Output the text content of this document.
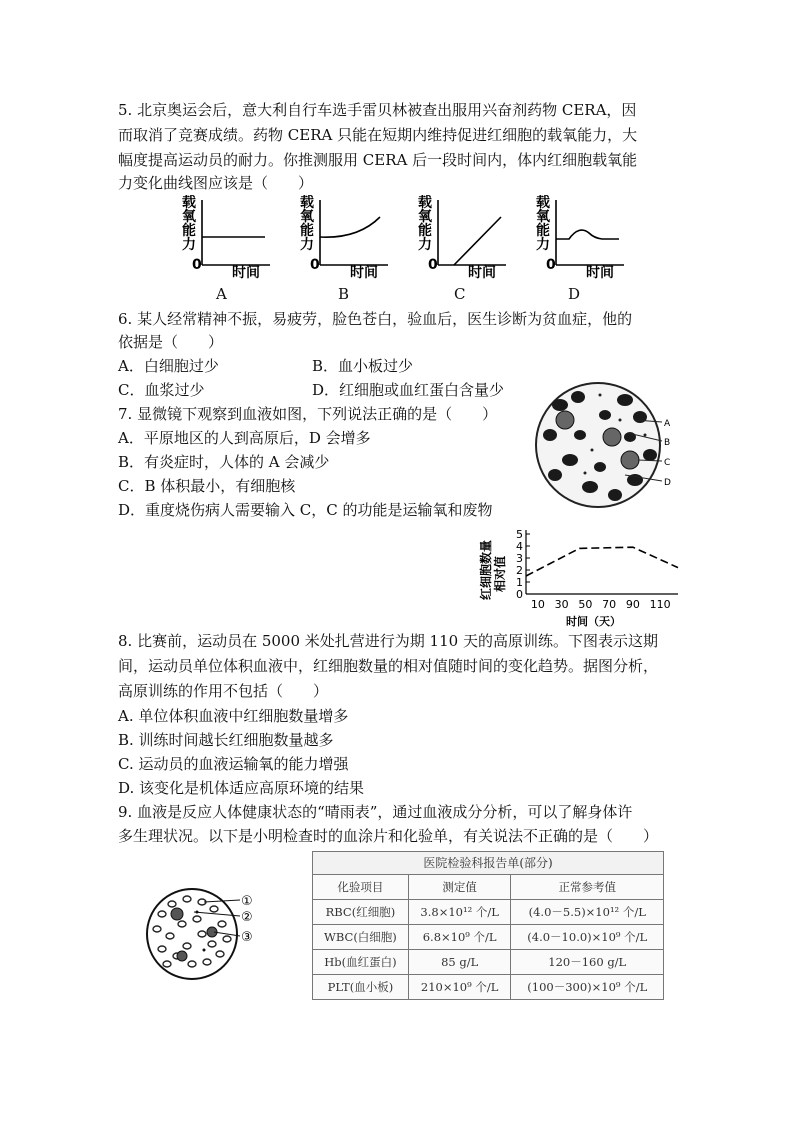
5. 北京奥运会后，意大利自行车选手雷贝林被查出服用兴奋剂药物 CERA，因
而取消了竞赛成绩。药物 CERA 只能在短期内维持促进红细胞的载氧能力，大
幅度提高运动员的耐力。你推测服用 CERA 后一段时间内，体内红细胞载氧能
力变化曲线图应该是（　　）
载氧能力
0 时间
载氧能力
0 时间
载氧能力
0 时间
载氧能力
0 时间
A	B	C	D
6. 某人经常精神不振，易疲劳，脸色苍白，验血后，医生诊断为贫血症，他的
依据是（　　）
A．白细胞过少	B．血小板过少
C．血浆过少	D．红细胞或血红蛋白含量少
7. 显微镜下观察到血液如图，下列说法正确的是（　　）
A．平原地区的人到高原后，D 会增多
B．有炎症时，人体的 A 会减少
C．B 体积最小，有细胞核
D．重度烧伤病人需要输入 C，C 的功能是运输氧和废物
A
B
C
D
红细胞数量 相对值
0
1
2
3
4
5
10 30 50 70 90 110
时间（天）
8. 比赛前，运动员在 5000 米处扎营进行为期 110 天的高原训练。下图表示这期
间，运动员单位体积血液中，红细胞数量的相对值随时间的变化趋势。据图分析，
高原训练的作用不包括（　　）
A. 单位体积血液中红细胞数量增多
B. 训练时间越长红细胞数量越多
C. 运动员的血液运输氧的能力增强
D. 该变化是机体适应高原环境的结果
9. 血液是反应人体健康状态的“晴雨表”，通过血液成分分析，可以了解身体许
多生理状况。以下是小明检查时的血涂片和化验单，有关说法不正确的是（　　）
①
②
③
医院检验科报告单(部分)
化验项目	测定值	正常参考值
RBC(红细胞)	3.8×10¹² 个/L	(4.0－5.5)×10¹² 个/L
WBC(白细胞)	6.8×10⁹ 个/L	(4.0－10.0)×10⁹ 个/L
Hb(血红蛋白)	85 g/L	120－160 g/L
PLT(血小板)	210×10⁹ 个/L	(100－300)×10⁹ 个/L
